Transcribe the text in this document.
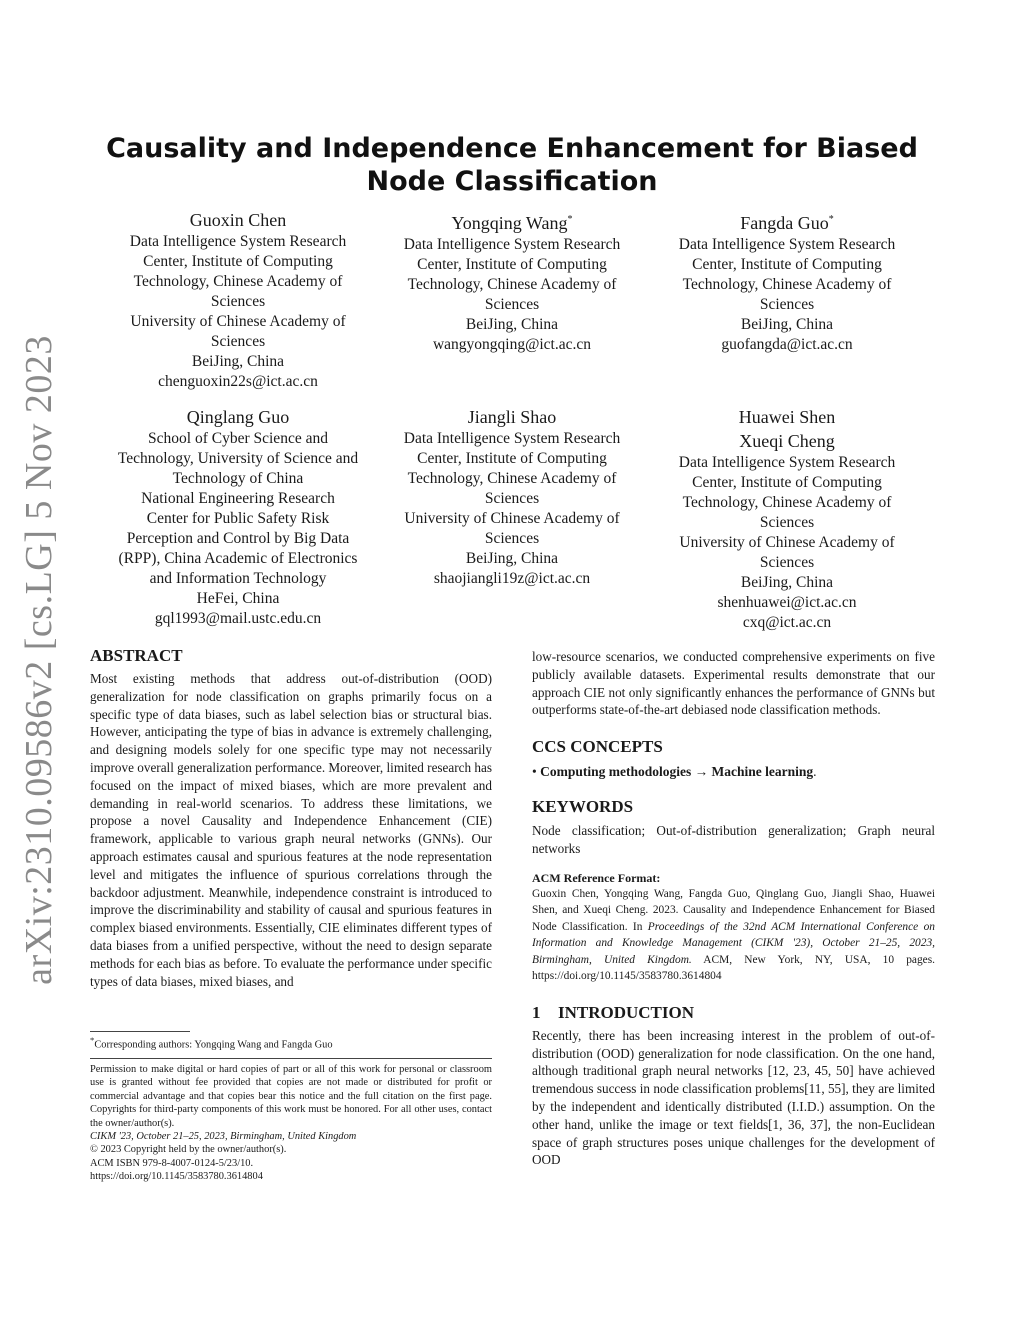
arXiv:2310.09586v2 [cs.LG] 5 Nov 2023
Causality and Independence Enhancement for Biased Node Classification
Guoxin Chen
Data Intelligence System Research
Center, Institute of Computing
Technology, Chinese Academy of
Sciences
University of Chinese Academy of
Sciences
BeiJing, China
chenguoxin22s@ict.ac.cn
Yongqing Wang*
Data Intelligence System Research
Center, Institute of Computing
Technology, Chinese Academy of
Sciences
BeiJing, China
wangyongqing@ict.ac.cn
Fangda Guo*
Data Intelligence System Research
Center, Institute of Computing
Technology, Chinese Academy of
Sciences
BeiJing, China
guofangda@ict.ac.cn
Qinglang Guo
School of Cyber Science and
Technology, University of Science and
Technology of China
National Engineering Research
Center for Public Safety Risk
Perception and Control by Big Data
(RPP), China Academic of Electronics
and Information Technology
HeFei, China
gql1993@mail.ustc.edu.cn
Jiangli Shao
Data Intelligence System Research
Center, Institute of Computing
Technology, Chinese Academy of
Sciences
University of Chinese Academy of
Sciences
BeiJing, China
shaojiangli19z@ict.ac.cn
Huawei Shen
Xueqi Cheng
Data Intelligence System Research
Center, Institute of Computing
Technology, Chinese Academy of
Sciences
University of Chinese Academy of
Sciences
BeiJing, China
shenhuawei@ict.ac.cn
cxq@ict.ac.cn
ABSTRACT

Most existing methods that address out-of-distribution (OOD) generalization for node classification on graphs primarily focus on a specific type of data biases, such as label selection bias or structural bias. However, anticipating the type of bias in advance is extremely challenging, and designing models solely for one specific type may not necessarily improve overall generalization performance. Moreover, limited research has focused on the impact of mixed biases, which are more prevalent and demanding in real-world scenarios. To address these limitations, we propose a novel Causality and Independence Enhancement (CIE) framework, applicable to various graph neural networks (GNNs). Our approach estimates causal and spurious features at the node representation level and mitigates the influence of spurious correlations through the backdoor adjustment. Meanwhile, independence constraint is introduced to improve the discriminability and stability of causal and spurious features in complex biased environments. Essentially, CIE eliminates different types of data biases from a unified perspective, without the need to design separate methods for each bias as before. To evaluate the performance under specific types of data biases, mixed biases, and

*Corresponding authors: Yongqing Wang and Fangda Guo

Permission to make digital or hard copies of part or all of this work for personal or classroom use is granted without fee provided that copies are not made or distributed for profit or commercial advantage and that copies bear this notice and the full citation on the first page. Copyrights for third-party components of this work must be honored. For all other uses, contact the owner/author(s).

CIKM '23, October 21–25, 2023, Birmingham, United Kingdom

© 2023 Copyright held by the owner/author(s).

ACM ISBN 979-8-4007-0124-5/23/10.

https://doi.org/10.1145/3583780.3614804

low-resource scenarios, we conducted comprehensive experiments on five publicly available datasets. Experimental results demonstrate that our approach CIE not only significantly enhances the performance of GNNs but outperforms state-of-the-art debiased node classification methods.

CCS CONCEPTS

• Computing methodologies → Machine learning.

KEYWORDS

Node classification; Out-of-distribution generalization; Graph neural networks

ACM Reference Format:
Guoxin Chen, Yongqing Wang, Fangda Guo, Qinglang Guo, Jiangli Shao, Huawei Shen, and Xueqi Cheng. 2023. Causality and Independence Enhancement for Biased Node Classification. In Proceedings of the 32nd ACM International Conference on Information and Knowledge Management (CIKM '23), October 21–25, 2023, Birmingham, United Kingdom. ACM, New York, NY, USA, 10 pages. https://doi.org/10.1145/3583780.3614804
1 INTRODUCTION

Recently, there has been increasing interest in the problem of out-of-distribution (OOD) generalization for node classification. On the one hand, although traditional graph neural networks [12, 23, 45, 50] have achieved tremendous success in node classification problems[11, 55], they are limited by the independent and identically distributed (I.I.D.) assumption. On the other hand, unlike the image or text fields[1, 36, 37], the non-Euclidean space of graph structures poses unique challenges for the development of OOD
